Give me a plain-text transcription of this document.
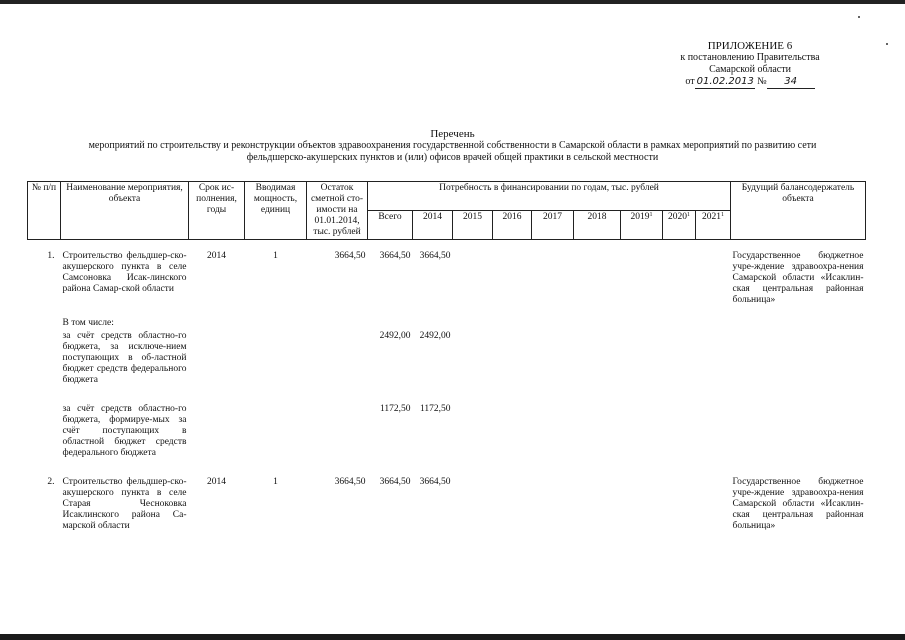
ПРИЛОЖЕНИЕ 6
к постановлению Правительства
Самарской области
от 01.02.2013 № 34
Перечень
мероприятий по строительству и реконструкции объектов здравоохранения государственной собственности в Самарской области в рамках мероприятий по развитию сети
фельдшерско-акушерских пунктов и (или) офисов врачей общей практики в сельской местности
№ п/п	Наименование мероприятия, объекта	Срок ис-полнения, годы	Вводимая мощность, единиц	Остаток сметной сто-имости на 01.01.2014, тыс. рублей	Потребность в финансировании по годам, тыс. рублей									Будущий балансодержатель объекта
					Всего	2014	2015	2016	2017	2018	2019$^1$	2020$^1$	2021$^1$

1.	Строительство фельдшер-ско-акушерского пункта в селе Самсоновка Исак-линского района Самар-ской области	2014	1	3664,50	3664,50	3664,50								Государственное бюджетное учре-ждение здравоохра-нения Самарской области «Исаклин-ская центральная районная больница»

	В том числе:													
	за счёт средств областно-го бюджета, за исключе-нием поступающих в об-ластной бюджет средств федерального бюджета				2492,00	2492,00								

	за счёт средств областно-го бюджета, формируе-мых за счёт поступающих в областной бюджет средств федерального бюджета				1172,50	1172,50								

2.	Строительство фельдшер-ско-акушерского пункта в селе Старая Чесноковка Исаклинского района Са-марской области	2014	1	3664,50	3664,50	3664,50								Государственное бюджетное учре-ждение здравоохра-нения Самарской области «Исаклин-ская центральная районная больница»
